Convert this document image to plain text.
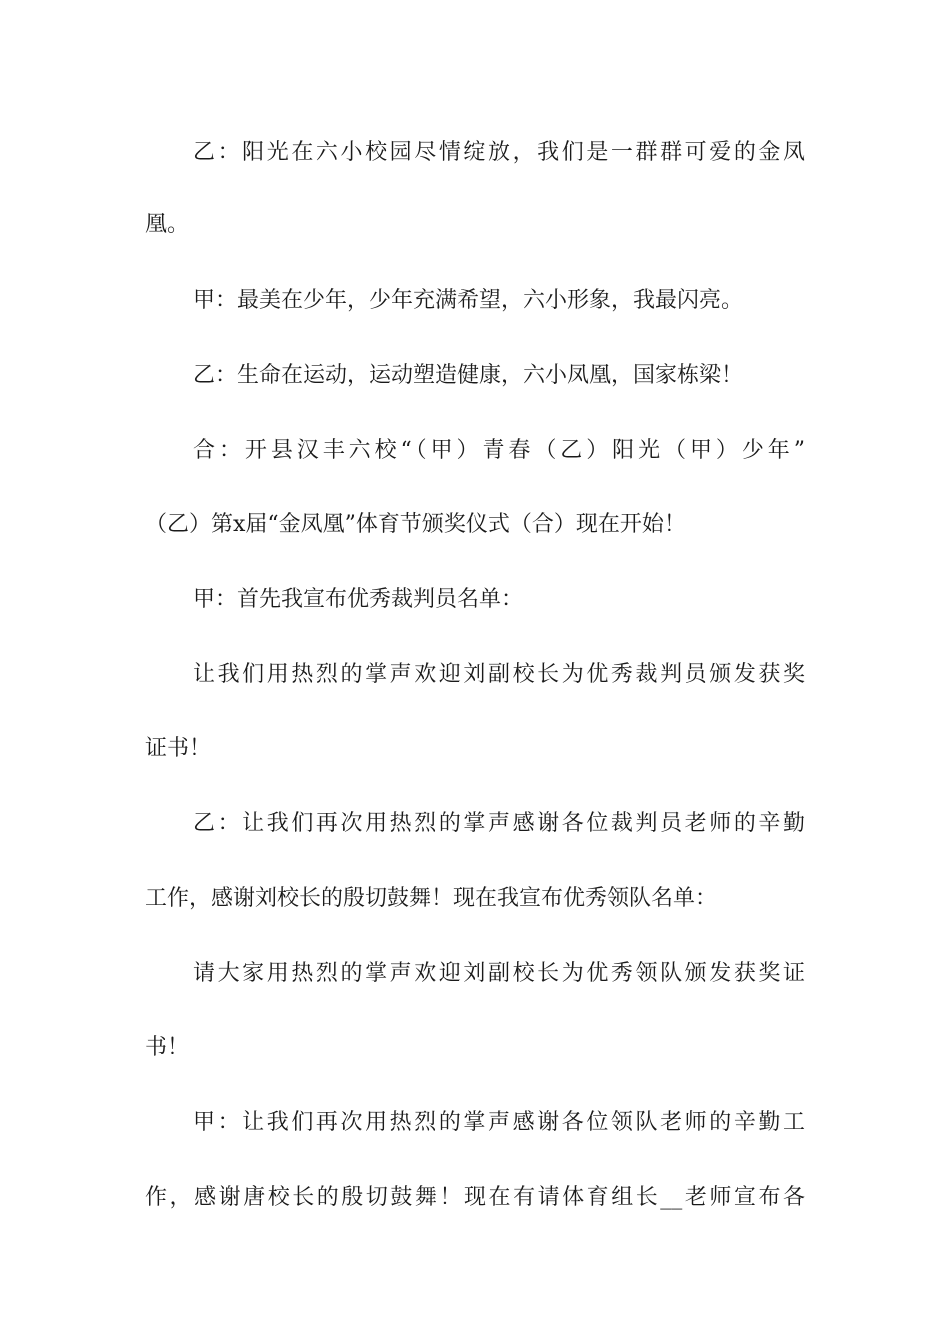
乙：阳光在六小校园尽情绽放，我们是一群群可爱的金凤
凰。
甲：最美在少年，少年充满希望，六小形象，我最闪亮。
乙：生命在运动，运动塑造健康，六小凤凰，国家栋梁！
合：开县汉丰六校“（甲）青春（乙）阳光（甲）少年”
（乙）第x届“金凤凰”体育节颁奖仪式（合）现在开始！
甲：首先我宣布优秀裁判员名单：
让我们用热烈的掌声欢迎刘副校长为优秀裁判员颁发获奖
证书！
乙：让我们再次用热烈的掌声感谢各位裁判员老师的辛勤
工作，感谢刘校长的殷切鼓舞！现在我宣布优秀领队名单：
请大家用热烈的掌声欢迎刘副校长为优秀领队颁发获奖证
书！
甲：让我们再次用热烈的掌声感谢各位领队老师的辛勤工
作，感谢唐校长的殷切鼓舞！现在有请体育组长__老师宣布各
